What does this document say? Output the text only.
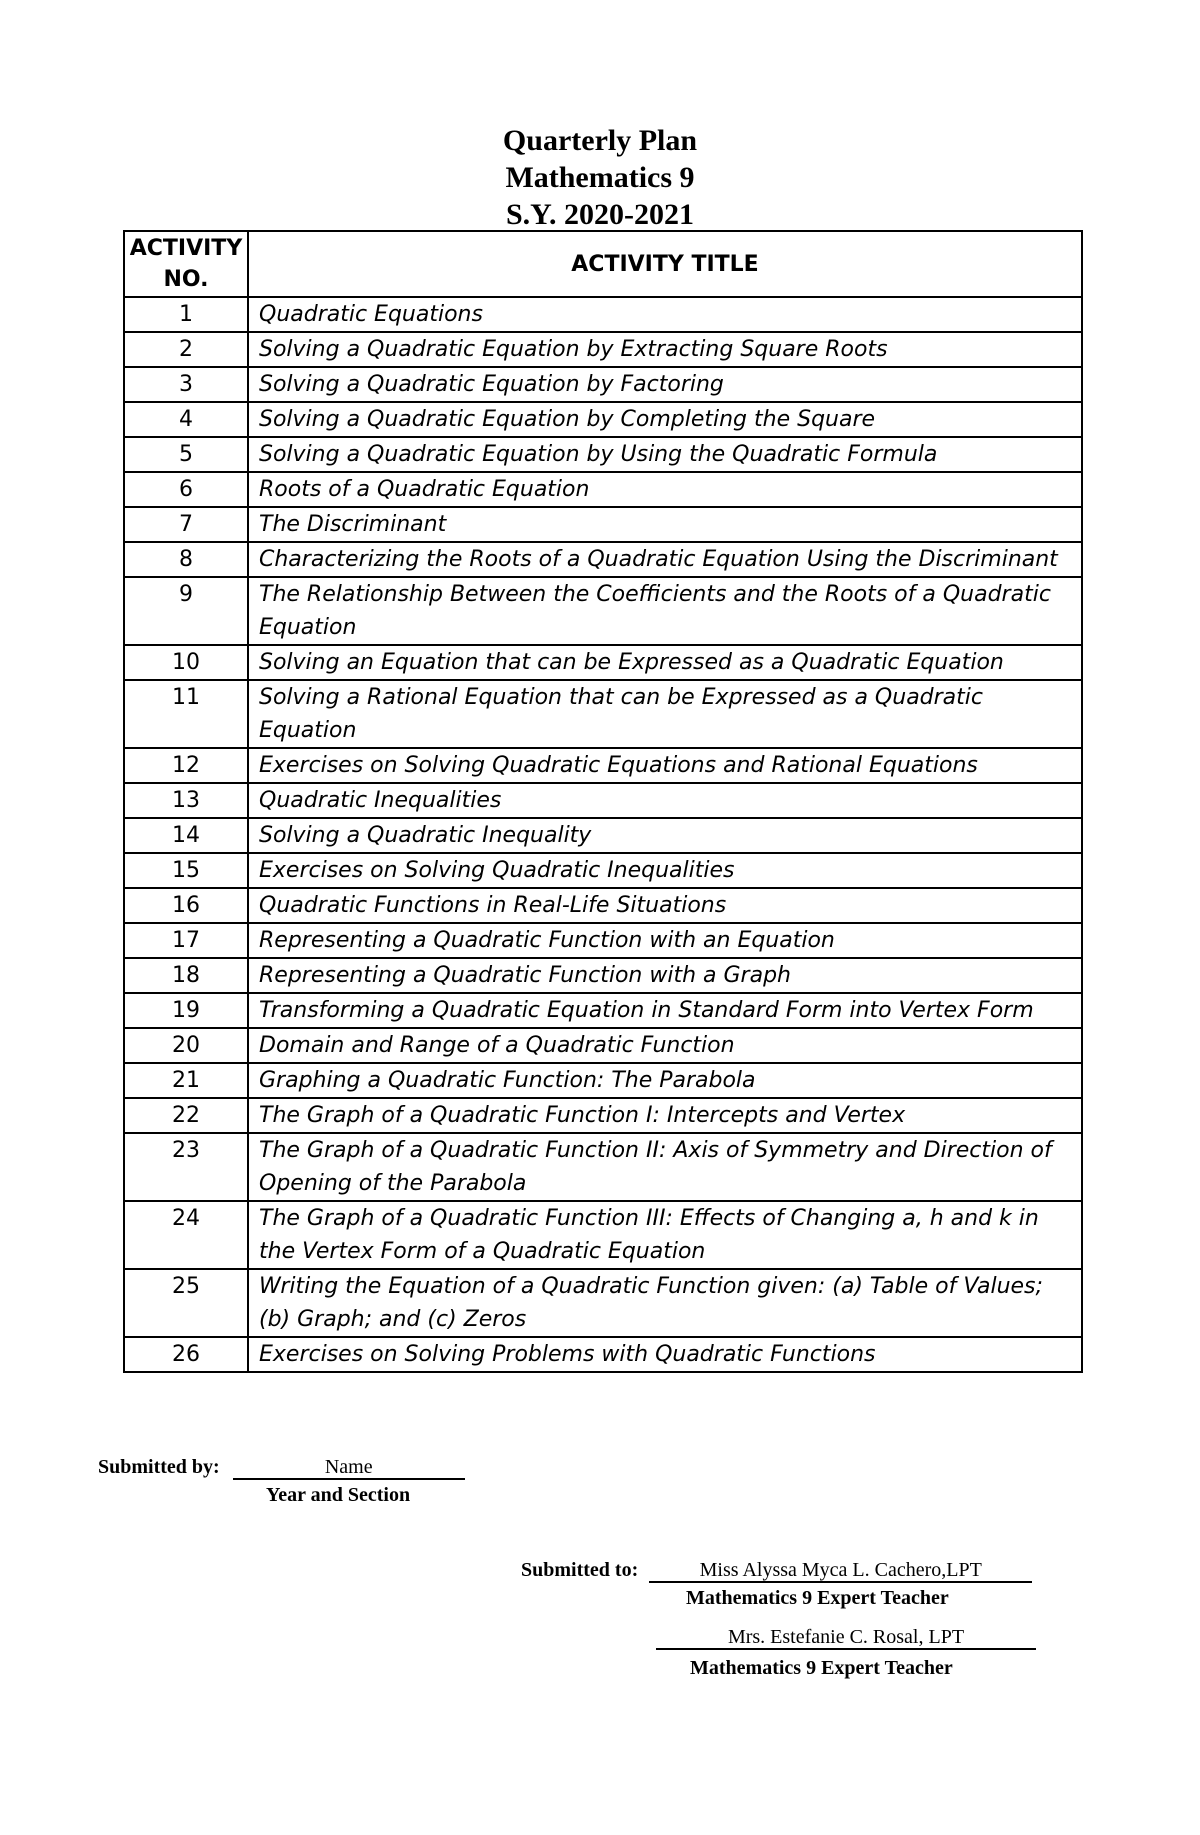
Quarterly Plan
Mathematics 9
S.Y. 2020-2021
ACTIVITY
NO.	ACTIVITY TITLE
1	Quadratic Equations
2	Solving a Quadratic Equation by Extracting Square Roots
3	Solving a Quadratic Equation by Factoring
4	Solving a Quadratic Equation by Completing the Square
5	Solving a Quadratic Equation by Using the Quadratic Formula
6	Roots of a Quadratic Equation
7	The Discriminant
8	Characterizing the Roots of a Quadratic Equation Using the Discriminant
9	The Relationship Between the Coefficients and the Roots of a Quadratic Equation
10	Solving an Equation that can be Expressed as a Quadratic Equation
11	Solving a Rational Equation that can be Expressed as a Quadratic Equation
12	Exercises on Solving Quadratic Equations and Rational Equations
13	Quadratic Inequalities
14	Solving a Quadratic Inequality
15	Exercises on Solving Quadratic Inequalities
16	Quadratic Functions in Real-Life Situations
17	Representing a Quadratic Function with an Equation
18	Representing a Quadratic Function with a Graph
19	Transforming a Quadratic Equation in Standard Form into Vertex Form
20	Domain and Range of a Quadratic Function
21	Graphing a Quadratic Function: The Parabola
22	The Graph of a Quadratic Function I: Intercepts and Vertex
23	The Graph of a Quadratic Function II: Axis of Symmetry and Direction of Opening of the Parabola
24	The Graph of a Quadratic Function III: Effects of Changing a, h and k in the Vertex Form of a Quadratic Equation
25	Writing the Equation of a Quadratic Function given: (a) Table of Values; (b) Graph; and (c) Zeros
26	Exercises on Solving Problems with Quadratic Functions
Submitted by:	Name
Year and Section
Submitted to:	Miss Alyssa Myca L. Cachero,LPT
Mathematics 9 Expert Teacher
Mrs. Estefanie C. Rosal, LPT
Mathematics 9 Expert Teacher
